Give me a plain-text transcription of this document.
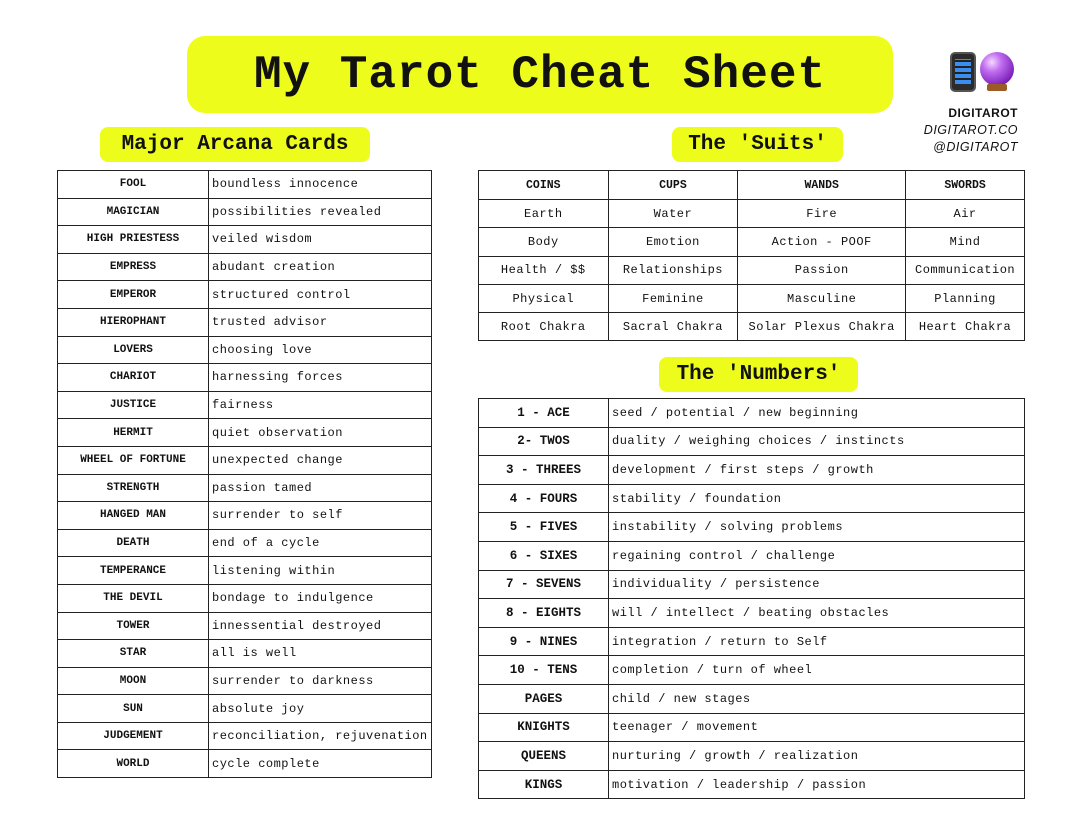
My Tarot Cheat Sheet
DIGITAROT
DIGITAROT.CO
@DIGITAROT
Major Arcana Cards	The 'Suits'
The 'Numbers'
FOOL	boundless innocence
MAGICIAN	possibilities revealed
HIGH PRIESTESS	veiled wisdom
EMPRESS	abudant creation
EMPEROR	structured control
HIEROPHANT	trusted advisor
LOVERS	choosing love
CHARIOT	harnessing forces
JUSTICE	fairness
HERMIT	quiet observation
WHEEL OF FORTUNE	unexpected change
STRENGTH	passion tamed
HANGED MAN	surrender to self
DEATH	end of a cycle
TEMPERANCE	listening within
THE DEVIL	bondage to indulgence
TOWER	innessential destroyed
STAR	all is well
MOON	surrender to darkness
SUN	absolute joy
JUDGEMENT	reconciliation, rejuvenation
WORLD	cycle complete
COINS	CUPS	WANDS	SWORDS
Earth	Water	Fire	Air
Body	Emotion	Action - POOF	Mind
Health / $$	Relationships	Passion	Communication
Physical	Feminine	Masculine	Planning
Root Chakra	Sacral Chakra	Solar Plexus Chakra	Heart Chakra
1 - ACE	seed / potential / new beginning
2- TWOS	duality / weighing choices / instincts
3 - THREES	development / first steps / growth
4 - FOURS	stability / foundation
5 - FIVES	instability / solving problems
6 - SIXES	regaining control / challenge
7 - SEVENS	individuality / persistence
8 - EIGHTS	will / intellect / beating obstacles
9 - NINES	integration / return to Self
10 - TENS	completion / turn of wheel
PAGES	child / new stages
KNIGHTS	teenager / movement
QUEENS	nurturing / growth / realization
KINGS	motivation / leadership / passion
